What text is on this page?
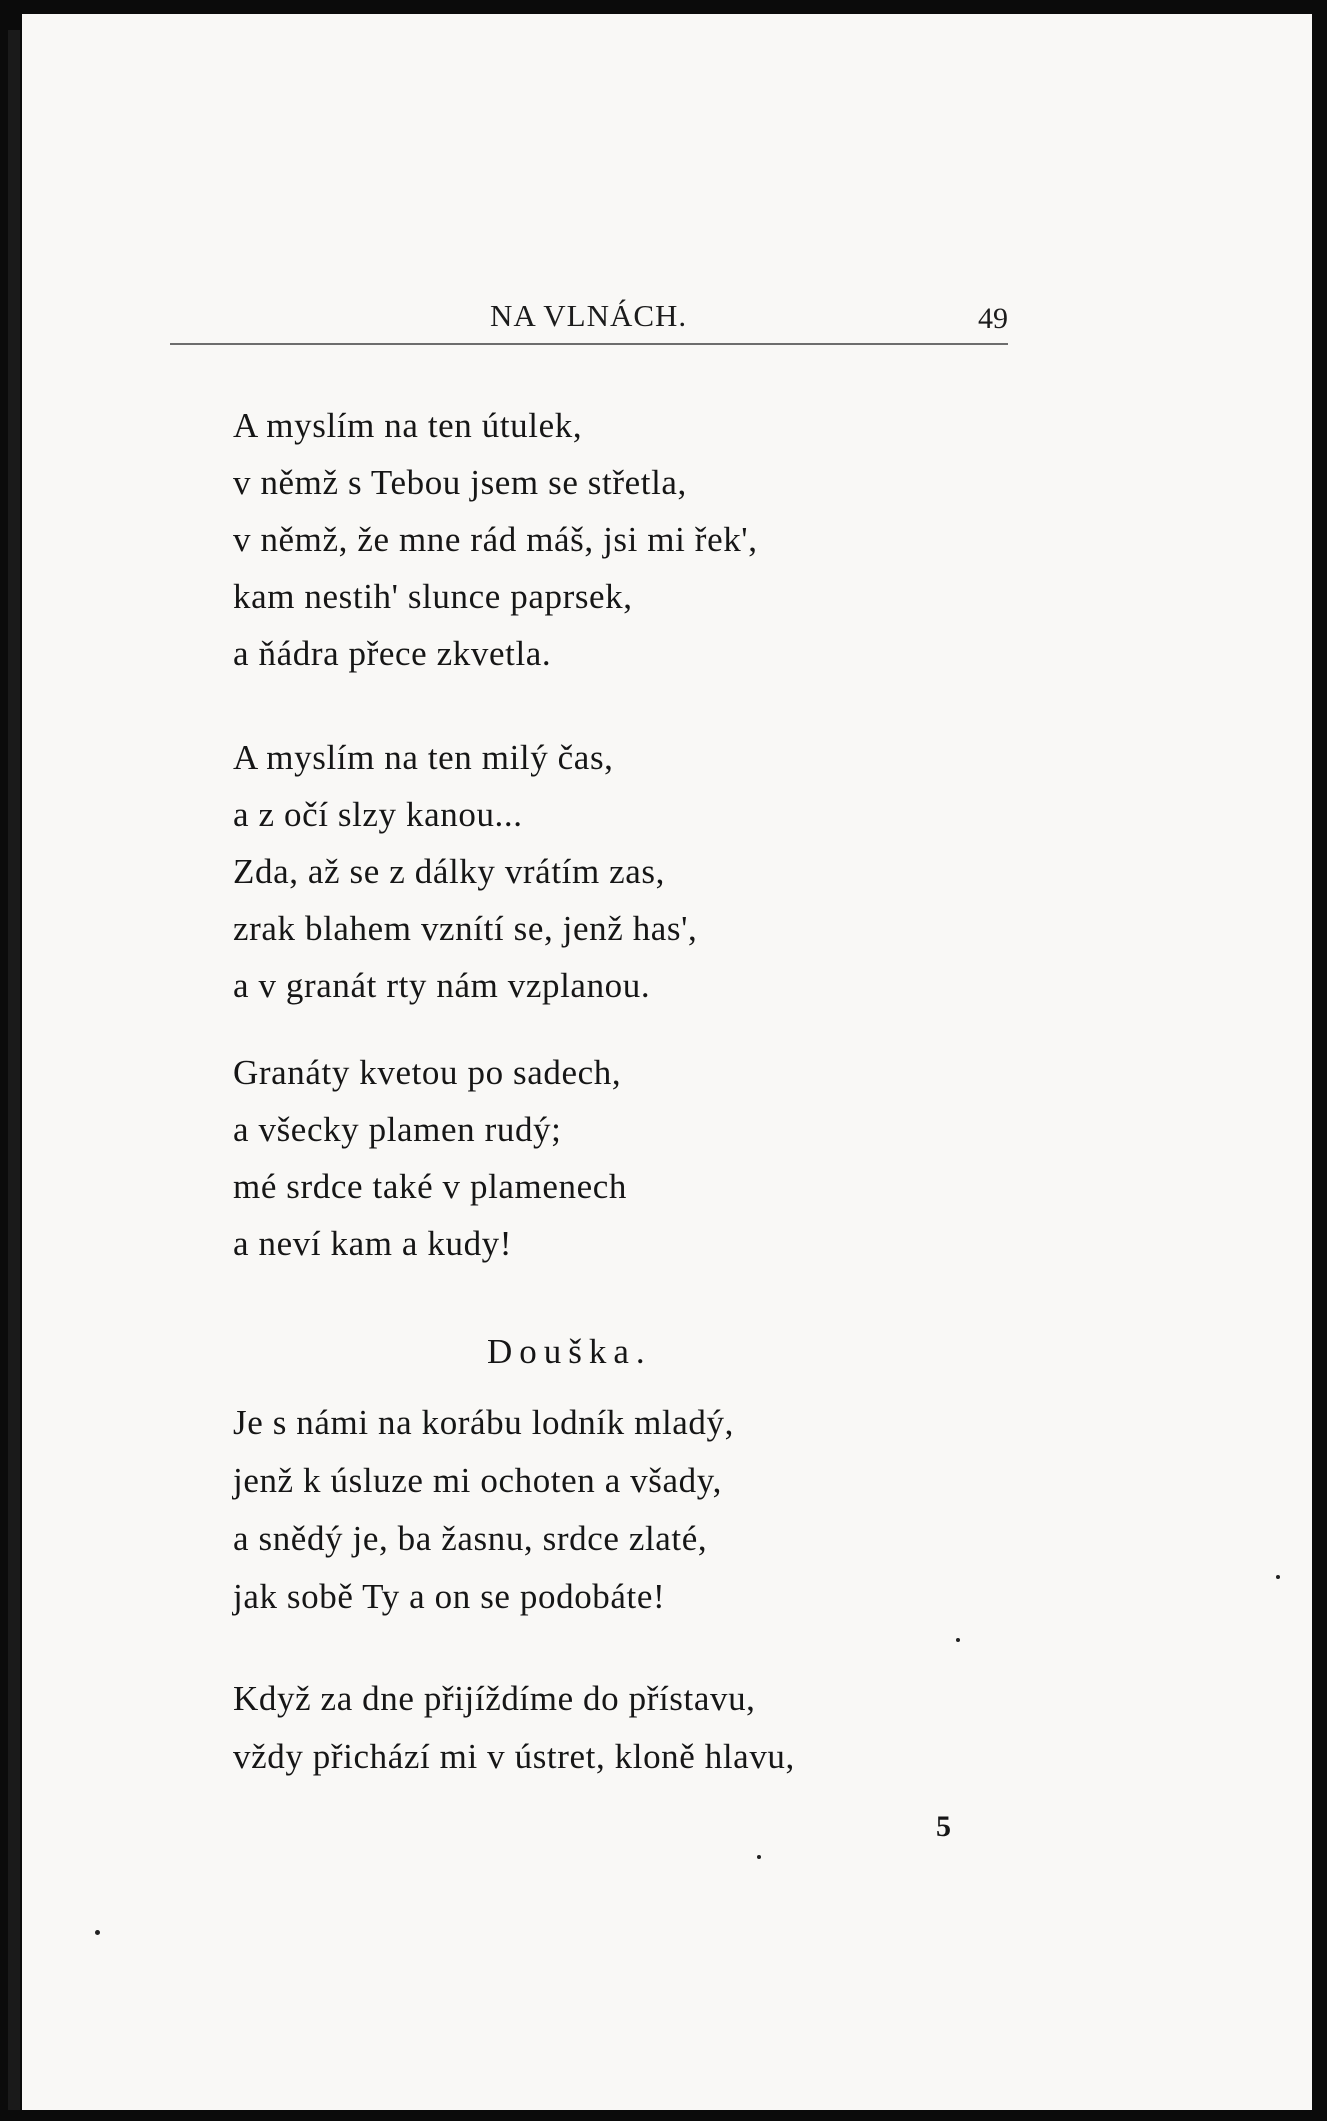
NA VLNÁCH.	49
A myslím na ten útulek,
v němž s Tebou jsem se střetla,
v němž, že mne rád máš, jsi mi řek',
kam nestih' slunce paprsek,
a ňádra přece zkvetla.
A myslím na ten milý čas,
a z očí slzy kanou...
Zda, až se z dálky vrátím zas,
zrak blahem vznítí se, jenž has',
a v granát rty nám vzplanou.
Granáty kvetou po sadech,
a všecky plamen rudý;
mé srdce také v plamenech
a neví kam a kudy!
Douška.
Je s námi na korábu lodník mladý,
jenž k úsluze mi ochoten a všady,
a snědý je, ba žasnu, srdce zlaté,
jak sobě Ty a on se podobáte!
Když za dne přijíždíme do přístavu,
vždy přichází mi v ústret, kloně hlavu,
5
